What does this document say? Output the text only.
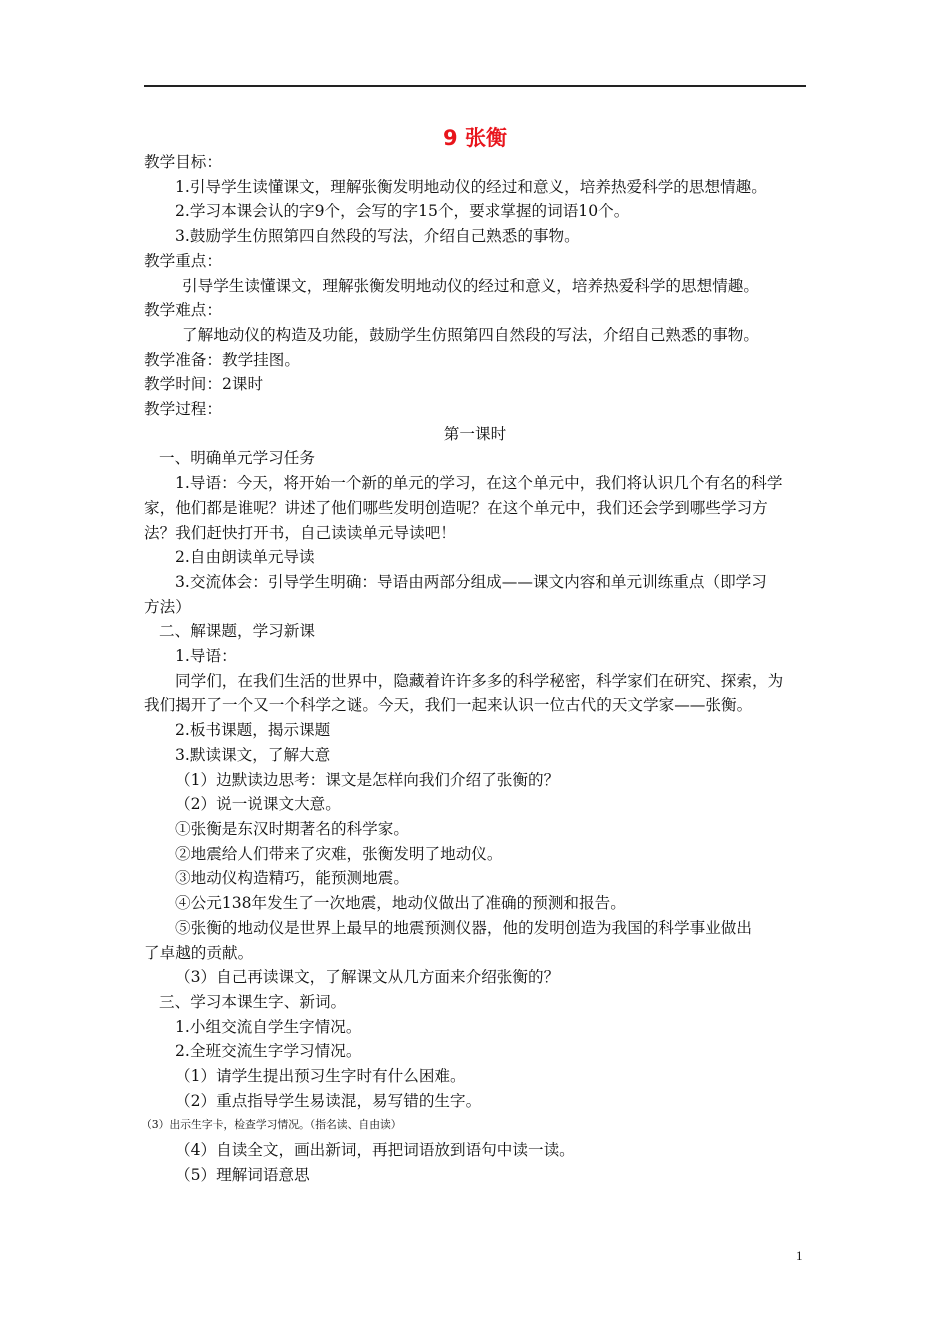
9 张衡
教学目标：
1.引导学生读懂课文，理解张衡发明地动仪的经过和意义，培养热爱科学的思想情趣。
2.学习本课会认的字9个，会写的字15个，要求掌握的词语10个。
3.鼓励学生仿照第四自然段的写法，介绍自己熟悉的事物。
教学重点：
引导学生读懂课文，理解张衡发明地动仪的经过和意义，培养热爱科学的思想情趣。
教学难点：
了解地动仪的构造及功能，鼓励学生仿照第四自然段的写法，介绍自己熟悉的事物。
教学准备：教学挂图。
教学时间：2课时
教学过程：
第一课时
一、明确单元学习任务
1.导语：今天，将开始一个新的单元的学习，在这个单元中，我们将认识几个有名的科学
家，他们都是谁呢？讲述了他们哪些发明创造呢？在这个单元中，我们还会学到哪些学习方
法？我们赶快打开书，自己读读单元导读吧！
2.自由朗读单元导读
3.交流体会：引导学生明确：导语由两部分组成——课文内容和单元训练重点（即学习
方法）
二、解课题，学习新课
1.导语：
同学们，在我们生活的世界中，隐藏着许许多多的科学秘密，科学家们在研究、探索，为
我们揭开了一个又一个科学之谜。今天，我们一起来认识一位古代的天文学家——张衡。
2.板书课题，揭示课题
3.默读课文，了解大意
（1）边默读边思考：课文是怎样向我们介绍了张衡的？
（2）说一说课文大意。
①张衡是东汉时期著名的科学家。
②地震给人们带来了灾难，张衡发明了地动仪。
③地动仪构造精巧，能预测地震。
④公元138年发生了一次地震，地动仪做出了准确的预测和报告。
⑤张衡的地动仪是世界上最早的地震预测仪器，他的发明创造为我国的科学事业做出
了卓越的贡献。
（3）自己再读课文，了解课文从几方面来介绍张衡的？
三、学习本课生字、新词。
1.小组交流自学生字情况。
2.全班交流生字学习情况。
（1）请学生提出预习生字时有什么困难。
（2）重点指导学生易读混，易写错的生字。
（3）出示生字卡，检查学习情况。（指名读、自由读）
（4）自读全文，画出新词，再把词语放到语句中读一读。
（5）理解词语意思
1
